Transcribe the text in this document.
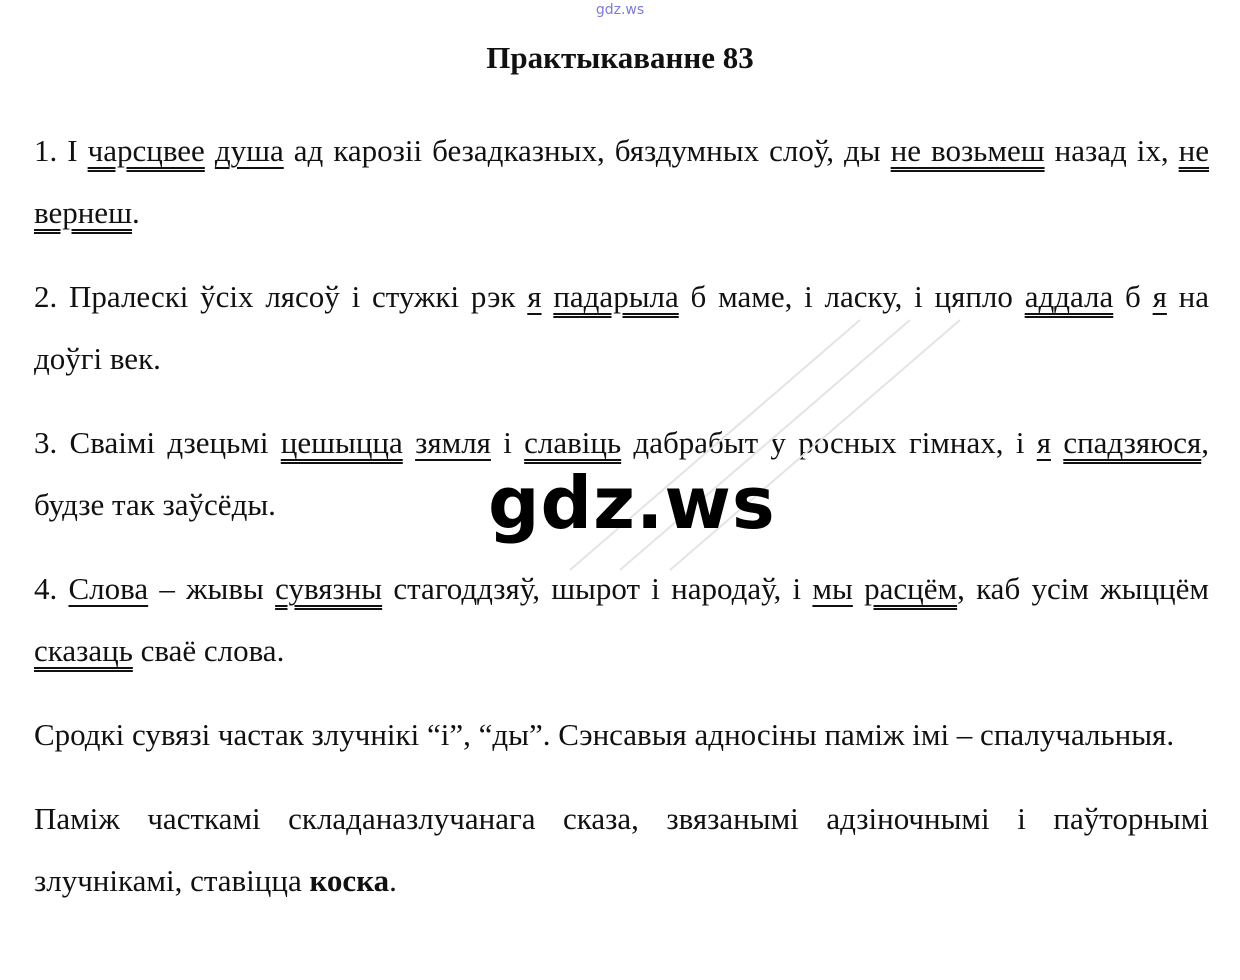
gdz.ws
Практыкаванне 83

1. І чарсцвее душа ад карозіі безадказных, бяздумных слоў, ды не возьмеш назад іх, не вернеш.

2. Пралескі ўсіх лясоў і стужкі рэк я падарыла б маме, і ласку, і цяпло аддала б я на доўгі век.

3. Сваімі дзецьмі цешыцца зямля і славіць дабрабыт у росных гімнах, і я спадзяюся, будзе так заўсёды.

4. Слова – жывы сувязны стагоддзяў, шырот і народаў, і мы расцём, каб усім жыццём сказаць сваё слова.

Сродкі сувязі частак злучнікі “і”, “ды”. Сэнсавыя адносіны паміж імі – спалучальныя.

Паміж часткамі складаназлучанага сказа, звязанымі адзіночнымі і паўторнымі злучнікамі, ставіцца коска.

gdz.ws
